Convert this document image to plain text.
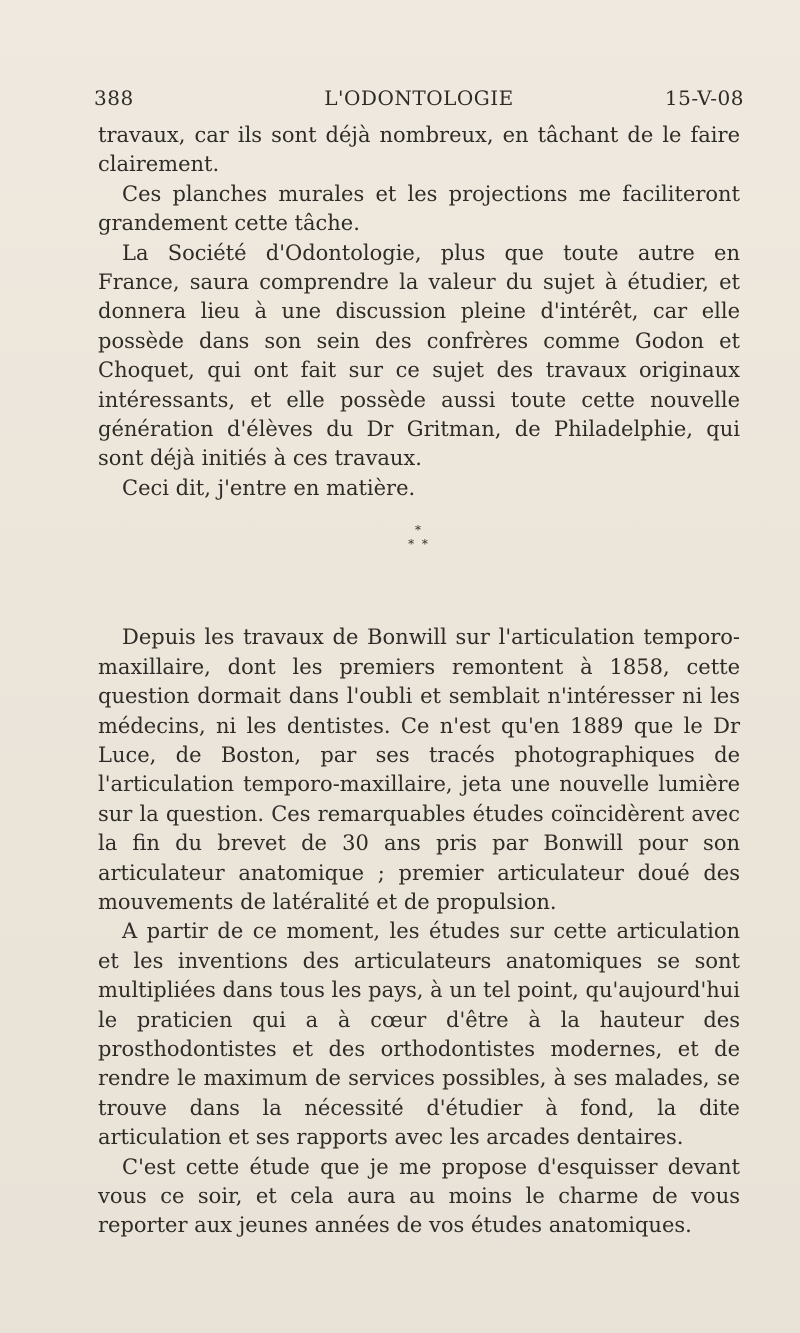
388	L'ODONTOLOGIE	15-V-08

travaux, car ils sont déjà nombreux, en tâchant de le faire clairement.

Ces planches murales et les projections me faciliteront grandement cette tâche.

La Société d'Odontologie, plus que toute autre en France, saura comprendre la valeur du sujet à étudier, et donnera lieu à une discussion pleine d'intérêt, car elle possède dans son sein des confrères comme Godon et Choquet, qui ont fait sur ce sujet des travaux originaux intéressants, et elle possède aussi toute cette nouvelle génération d'élèves du Dr Gritman, de Philadelphie, qui sont déjà initiés à ces travaux.

Ceci dit, j'entre en matière.

*
* *

Depuis les travaux de Bonwill sur l'articulation temporo-maxillaire, dont les premiers remontent à 1858, cette question dormait dans l'oubli et semblait n'intéresser ni les médecins, ni les dentistes. Ce n'est qu'en 1889 que le Dr Luce, de Boston, par ses tracés photographiques de l'articulation temporo-maxillaire, jeta une nouvelle lumière sur la question. Ces remarquables études coïncidèrent avec la fin du brevet de 30 ans pris par Bonwill pour son articulateur anatomique ; premier articulateur doué des mouvements de latéralité et de propulsion.

A partir de ce moment, les études sur cette articulation et les inventions des articulateurs anatomiques se sont multipliées dans tous les pays, à un tel point, qu'aujourd'hui le praticien qui a à cœur d'être à la hauteur des prosthodontistes et des orthodontistes modernes, et de rendre le maximum de services possibles, à ses malades, se trouve dans la nécessité d'étudier à fond, la dite articulation et ses rapports avec les arcades dentaires.

C'est cette étude que je me propose d'esquisser devant vous ce soir, et cela aura au moins le charme de vous reporter aux jeunes années de vos études anatomiques.
